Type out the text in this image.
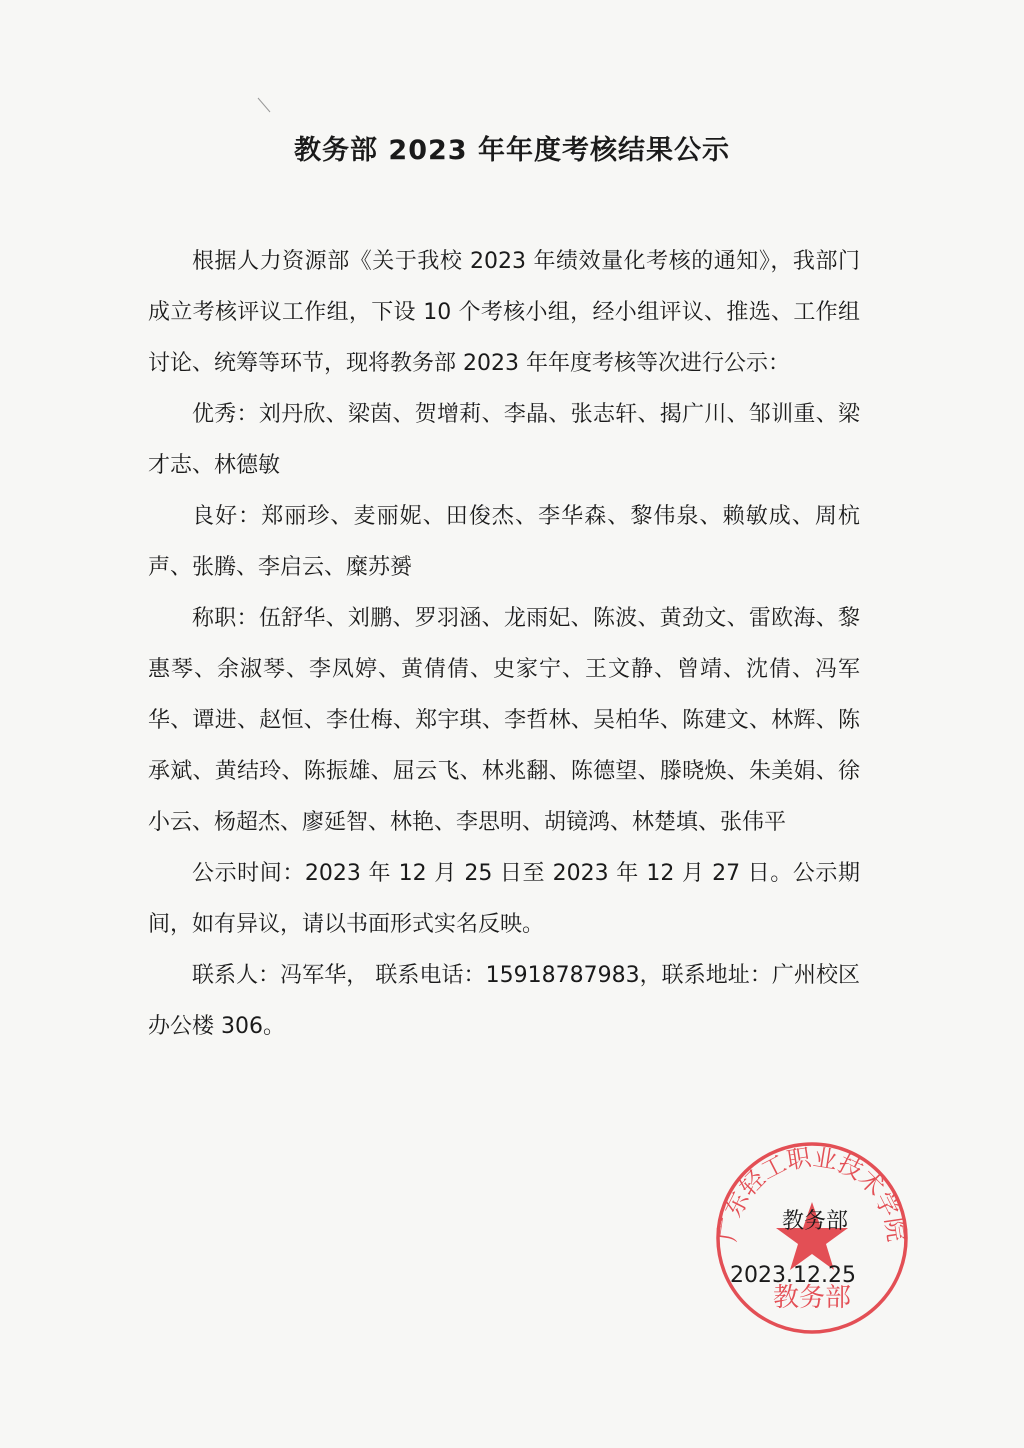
教务部 2023 年年度考核结果公示

根据人力资源部《关于我校 2023 年绩效量化考核的通知》，我部门成立考核评议工作组，下设 10 个考核小组，经小组评议、推选、工作组讨论、统筹等环节，现将教务部 2023 年年度考核等次进行公示：

优秀：刘丹欣、梁茵、贺增莉、李晶、张志轩、揭广川、邹训重、梁才志、林德敏

良好：郑丽珍、麦丽妮、田俊杰、李华森、黎伟泉、赖敏成、周杭声、张腾、李启云、糜苏赟

称职：伍舒华、刘鹏、罗羽涵、龙雨妃、陈波、黄劲文、雷欧海、黎惠琴、余淑琴、李凤婷、黄倩倩、史家宁、王文静、曾靖、沈倩、冯军华、谭进、赵恒、李仕梅、郑宇琪、李哲林、吴柏华、陈建文、林辉、陈承斌、黄结玲、陈振雄、屈云飞、林兆翻、陈德望、滕晓焕、朱美娟、徐小云、杨超杰、廖延智、林艳、李思明、胡镜鸿、林楚填、张伟平

公示时间：2023 年 12 月 25 日至 2023 年 12 月 27 日。公示期间，如有异议，请以书面形式实名反映。

联系人：冯军华， 联系电话：15918787983，联系地址：广州校区办公楼 306。

广东轻工职业技术学院
教务部
教务部
2023.12.25
